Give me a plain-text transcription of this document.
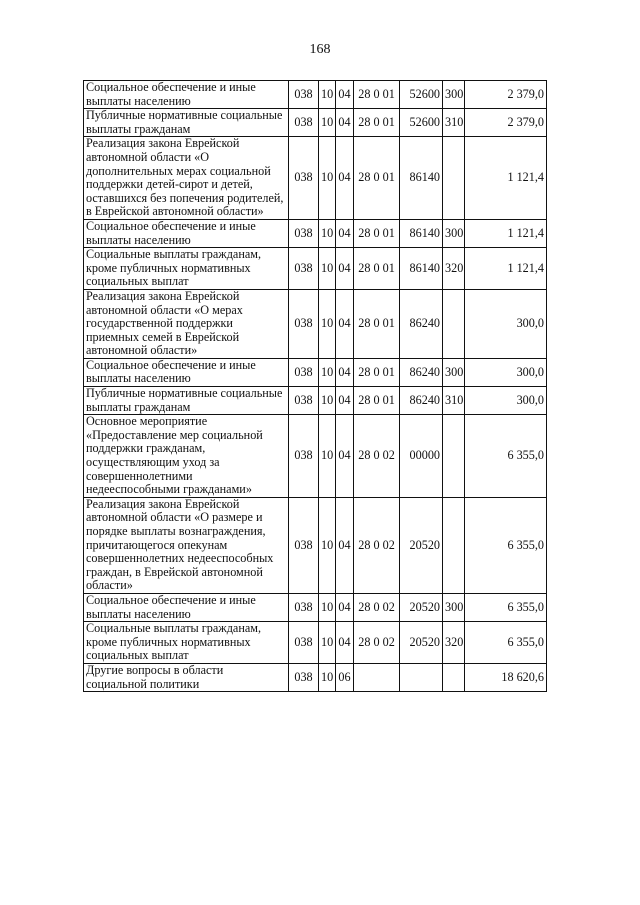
168
Социальное обеспечение и иные выплаты населению	038	10	04	28 0 01	52600	300	2 379,0
Публичные нормативные социальные выплаты гражданам	038	10	04	28 0 01	52600	310	2 379,0
Реализация закона Еврейской автономной области «О дополнительных мерах социальной поддержки детей-сирот и детей, оставшихся без попечения родителей, в Еврейской автономной области»	038	10	04	28 0 01	86140		1 121,4
Социальное обеспечение и иные выплаты населению	038	10	04	28 0 01	86140	300	1 121,4
Социальные выплаты гражданам, кроме публичных нормативных социальных выплат	038	10	04	28 0 01	86140	320	1 121,4
Реализация закона Еврейской автономной области «О мерах государственной поддержки приемных семей в Еврейской автономной области»	038	10	04	28 0 01	86240		300,0
Социальное обеспечение и иные выплаты населению	038	10	04	28 0 01	86240	300	300,0
Публичные нормативные социальные выплаты гражданам	038	10	04	28 0 01	86240	310	300,0
Основное мероприятие «Предоставление мер социальной поддержки гражданам, осуществляющим уход за совершеннолетними недееспособными гражданами»	038	10	04	28 0 02	00000		6 355,0
Реализация закона Еврейской автономной области «О размере и порядке выплаты вознаграждения, причитающегося опекунам совершеннолетних недееспособных граждан, в Еврейской автономной области»	038	10	04	28 0 02	20520		6 355,0
Социальное обеспечение и иные выплаты населению	038	10	04	28 0 02	20520	300	6 355,0
Социальные выплаты гражданам, кроме публичных нормативных социальных выплат	038	10	04	28 0 02	20520	320	6 355,0
Другие вопросы в области социальной политики	038	10	06				18 620,6
